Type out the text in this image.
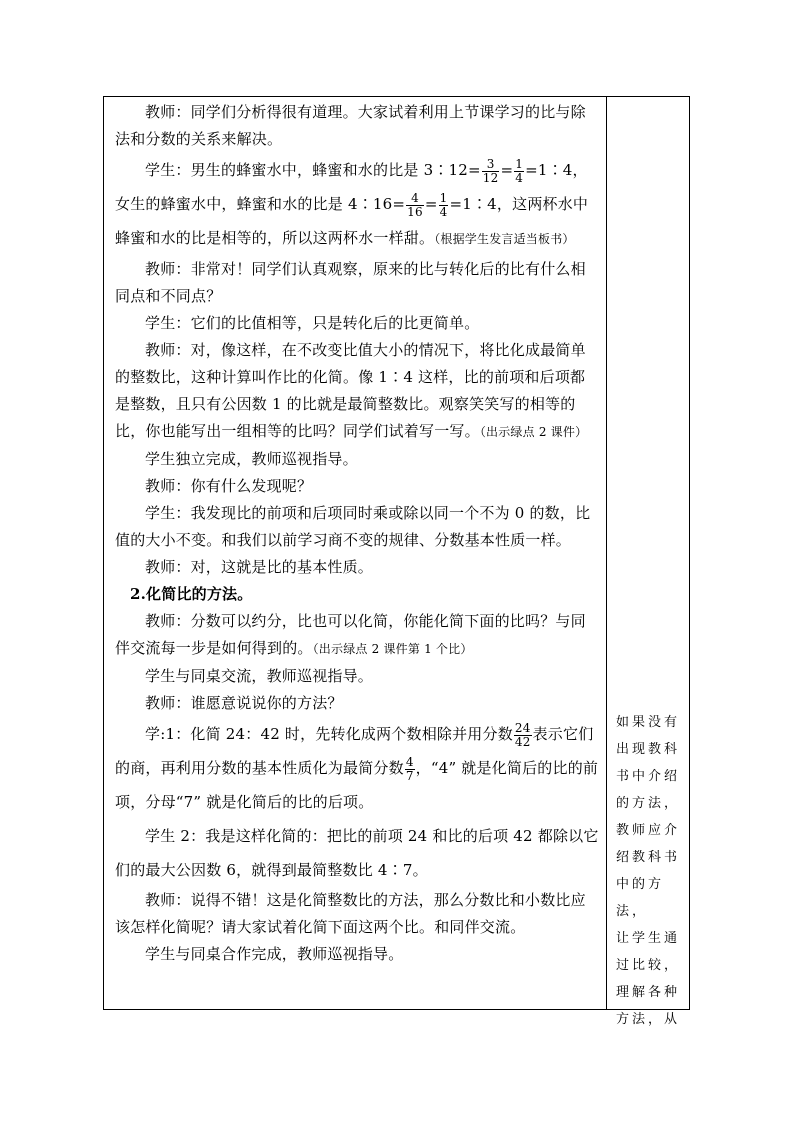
教师：同学们分析得很有道理。大家试着利用上节课学习的比与除法和分数的关系来解决。

学生：男生的蜂蜜水中，蜂蜜和水的比是 3∶12= $\frac{3}{12} = \frac{1}{4}$ =1∶4，女生的蜂蜜水中，蜂蜜和水的比是 4∶16= $\frac{4}{16} = \frac{1}{4}$ =1∶4，这两杯水中蜂蜜和水的比是相等的，所以这两杯水一样甜。（根据学生发言适当板书）

教师：非常对！同学们认真观察，原来的比与转化后的比有什么相同点和不同点？

学生：它们的比值相等，只是转化后的比更简单。

教师：对，像这样，在不改变比值大小的情况下，将比化成最简单的整数比，这种计算叫作比的化简。像 1∶4 这样，比的前项和后项都是整数，且只有公因数 1 的比就是最简整数比。观察笑笑写的相等的比，你也能写出一组相等的比吗？同学们试着写一写。（出示绿点 2 课件）

学生独立完成，教师巡视指导。

教师：你有什么发现呢？

学生：我发现比的前项和后项同时乘或除以同一个不为 0 的数，比值的大小不变。和我们以前学习商不变的规律、分数基本性质一样。

教师：对，这就是比的基本性质。

2.化简比的方法。

教师：分数可以约分，比也可以化简，你能化简下面的比吗？与同伴交流每一步是如何得到的。（出示绿点 2 课件第 1 个比）

学生与同桌交流，教师巡视指导。

教师：谁愿意说说你的方法？

学:1：化简 24：42 时，先转化成两个数相除并用分数 $\frac{24}{42}$ 表示它们的商，再利用分数的基本性质化为最简分数 $\frac{4}{7}$ ，“4” 就是化简后的比的前项，分母“7” 就是化简后的比的后项。

学生 2：我是这样化简的：把比的前项 24 和比的后项 42 都除以它们的最大公因数 6，就得到最简整数比 4∶7。

教师：说得不错！这是化简整数比的方法，那么分数比和小数比应该怎样化简呢？请大家试着化简下面这两个比。和同伴交流。

学生与同桌合作完成，教师巡视指导。

如果没有

出现教科

书中介绍

的方法，

教师应介

绍教科书

中的方法，

让学生通

过比较，

理解各种

方法，从
